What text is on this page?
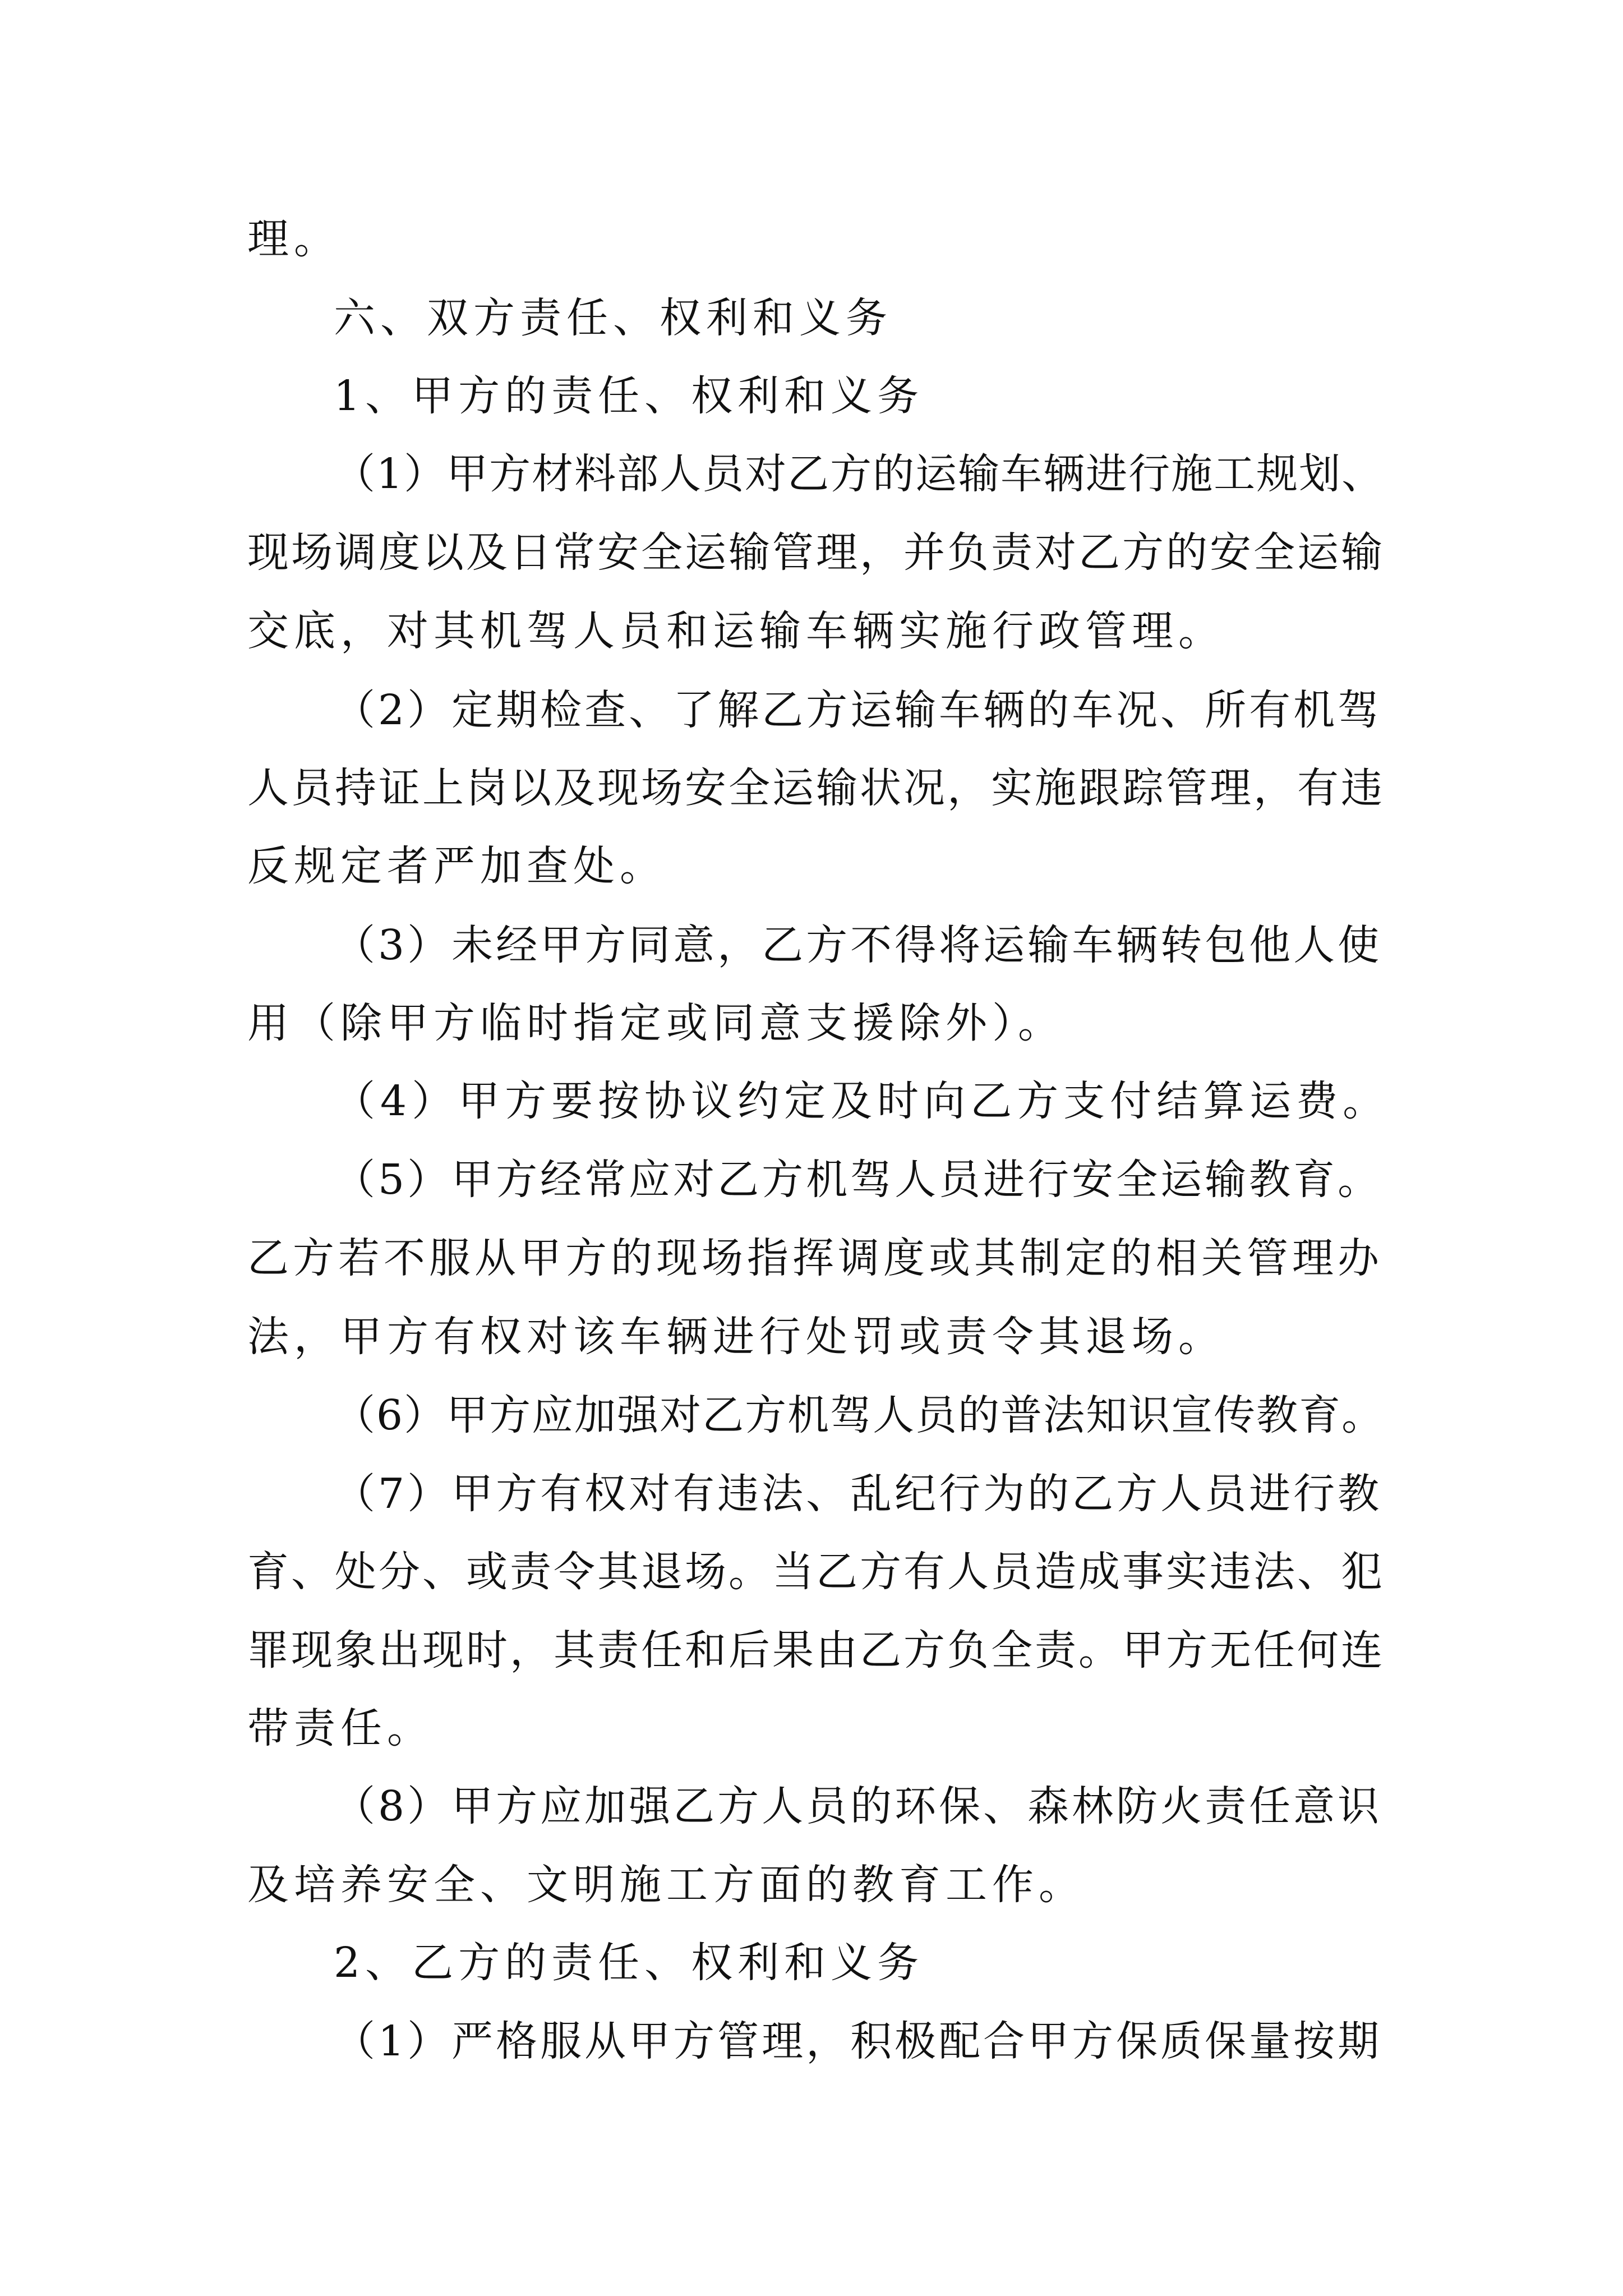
理。
六、双方责任、权利和义务
1、甲方的责任、权利和义务
（1）甲方材料部人员对乙方的运输车辆进行施工规划、
现场调度以及日常安全运输管理，并负责对乙方的安全运输
交底，对其机驾人员和运输车辆实施行政管理。
（2）定期检查、了解乙方运输车辆的车况、所有机驾
人员持证上岗以及现场安全运输状况，实施跟踪管理，有违
反规定者严加查处。
（3）未经甲方同意，乙方不得将运输车辆转包他人使
用（除甲方临时指定或同意支援除外）。
（4）甲方要按协议约定及时向乙方支付结算运费。
（5）甲方经常应对乙方机驾人员进行安全运输教育。
乙方若不服从甲方的现场指挥调度或其制定的相关管理办
法，甲方有权对该车辆进行处罚或责令其退场。
（6）甲方应加强对乙方机驾人员的普法知识宣传教育。
（7）甲方有权对有违法、乱纪行为的乙方人员进行教
育、处分、或责令其退场。当乙方有人员造成事实违法、犯
罪现象出现时，其责任和后果由乙方负全责。甲方无任何连
带责任。
（8）甲方应加强乙方人员的环保、森林防火责任意识
及培养安全、文明施工方面的教育工作。
2、乙方的责任、权利和义务
（1）严格服从甲方管理，积极配合甲方保质保量按期
